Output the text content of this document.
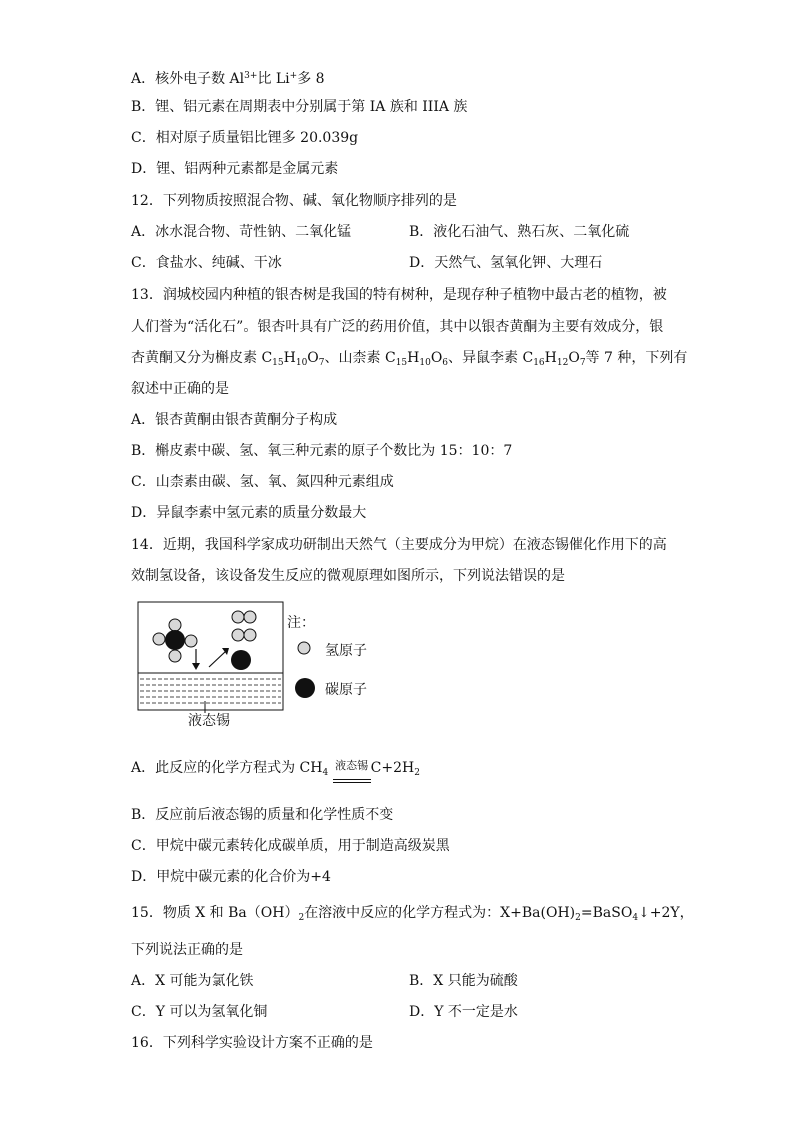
A．核外电子数 $Al^{3+}$比 Li+多 8
B．锂、铝元素在周期表中分别属于第 IA 族和 IIIA 族
C．相对原子质量铝比锂多 20.039g
D．锂、铝两种元素都是金属元素
12．下列物质按照混合物、碱、氧化物顺序排列的是
A．冰水混合物、苛性钠、二氧化锰	B．液化石油气、熟石灰、二氧化硫
C．食盐水、纯碱、干冰	D．天然气、氢氧化钾、大理石
13．润城校园内种植的银杏树是我国的特有树种，是现存种子植物中最古老的植物，被
人们誉为“活化石”。银杏叶具有广泛的药用价值，其中以银杏黄酮为主要有效成分，银
杏黄酮又分为槲皮素 $C_{15}H_{10}O_7$、山柰素 $C_{15}H_{10}O_6$、异鼠李素 $C_{16}H_{12}O_7$等 7 种，下列有
叙述中正确的是
A．银杏黄酮由银杏黄酮分子构成
B．槲皮素中碳、氢、氧三种元素的原子个数比为 15：10：7
C．山柰素由碳、氢、氧、氮四种元素组成
D．异鼠李素中氢元素的质量分数最大
14．近期，我国科学家成功研制出天然气（主要成分为甲烷）在液态锡催化作用下的高
效制氢设备，该设备发生反应的微观原理如图所示，下列说法错误的是
注：
氢原子
碳原子
液态锡
A．此反应的化学方程式为 $CH_4$
液态锡 $C+2H_2$
B．反应前后液态锡的质量和化学性质不变
C．甲烷中碳元素转化成碳单质，用于制造高级炭黑
D．甲烷中碳元素的化合价为+4
15．物质 X 和 $Ba(OH)_2$在溶液中反应的化学方程式为：$X+Ba(OH)_2=BaSO_4↓+2Y$，
下列说法正确的是
A．X 可能为氯化铁	B．X 只能为硫酸
C．Y 可以为氢氧化铜	D．Y 不一定是水
16．下列科学实验设计方案不正确的是
